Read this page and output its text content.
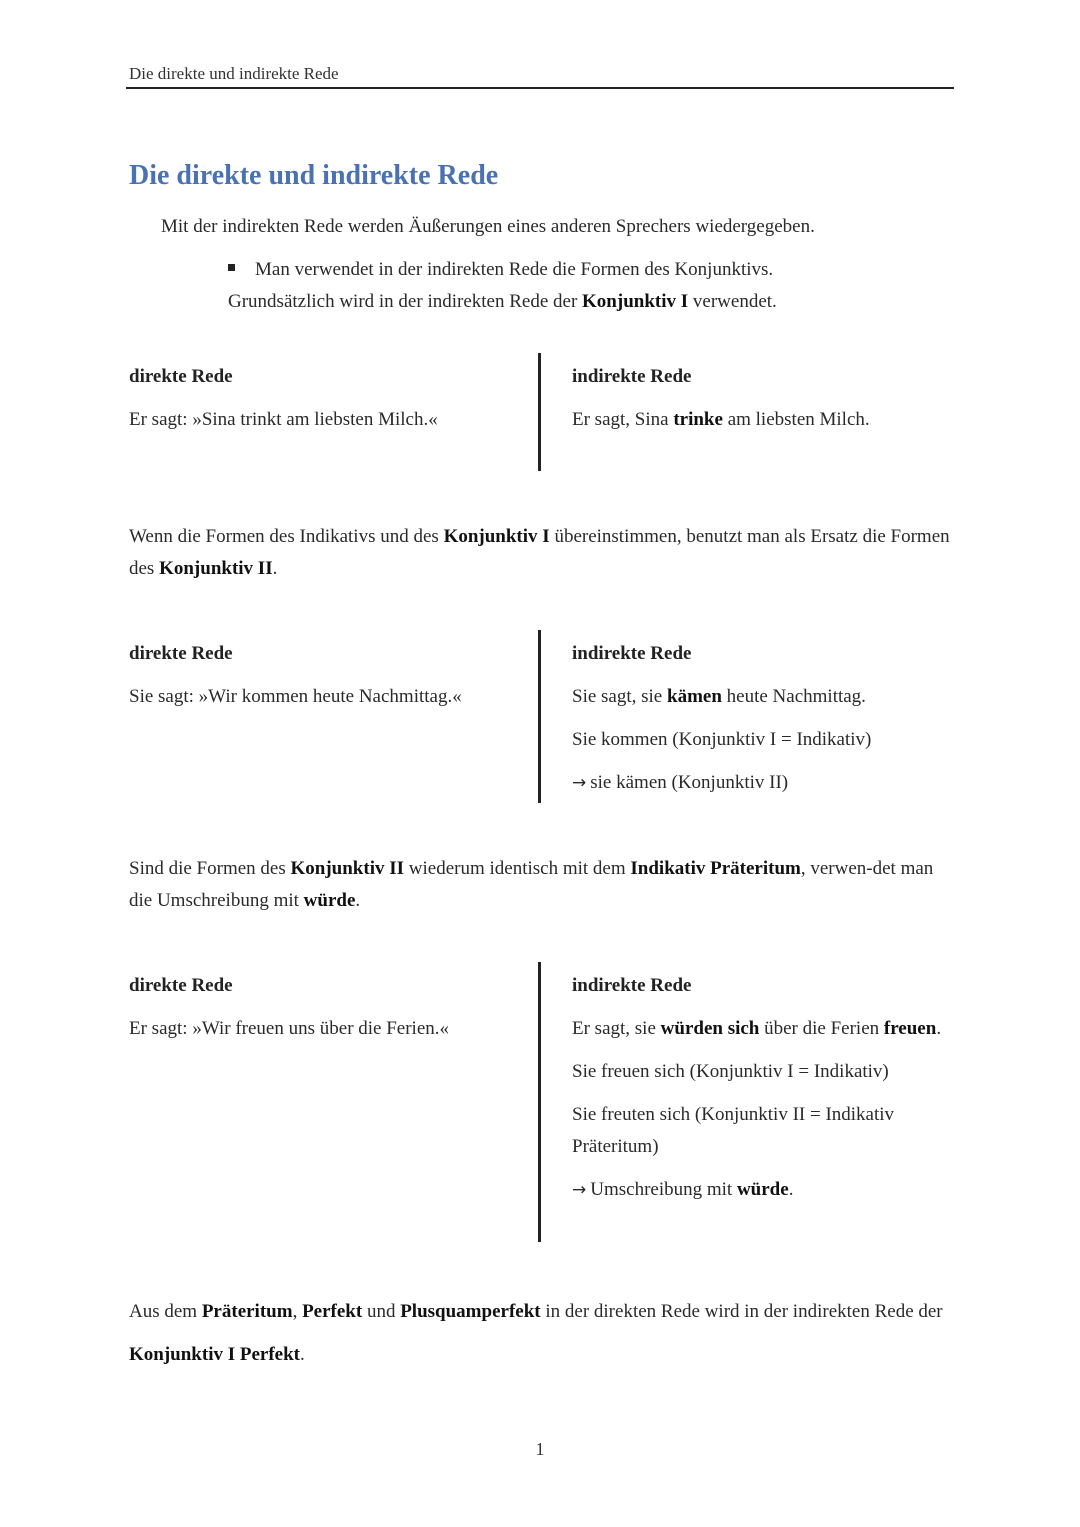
Die direkte und indirekte Rede
Die direkte und indirekte Rede
Mit der indirekten Rede werden Äußerungen eines anderen Sprechers wiedergegeben.
Man verwendet in der indirekten Rede die Formen des Konjunktivs.
Grundsätzlich wird in der indirekten Rede der Konjunktiv I verwendet.
direkte Rede
Er sagt: »Sina trinkt am liebsten Milch.«
indirekte Rede
Er sagt, Sina trinke am liebsten Milch.
Wenn die Formen des Indikativs und des Konjunktiv I übereinstimmen, benutzt man als Ersatz die Formen des Konjunktiv II.
direkte Rede
Sie sagt: »Wir kommen heute Nachmittag.«
indirekte Rede
Sie sagt, sie kämen heute Nachmittag.
Sie kommen (Konjunktiv I = Indikativ)
→ sie kämen (Konjunktiv II)
Sind die Formen des Konjunktiv II wiederum identisch mit dem Indikativ Präteritum, verwen-det man die Umschreibung mit würde.
direkte Rede
Er sagt: »Wir freuen uns über die Ferien.«
indirekte Rede
Er sagt, sie würden sich über die Ferien freuen.
Sie freuen sich (Konjunktiv I = Indikativ)
Sie freuten sich (Konjunktiv II = Indikativ Präteritum)
→ Umschreibung mit würde.
Aus dem Präteritum, Perfekt und Plusquamperfekt in der direkten Rede wird in der indirekten Rede der Konjunktiv I Perfekt.
1
